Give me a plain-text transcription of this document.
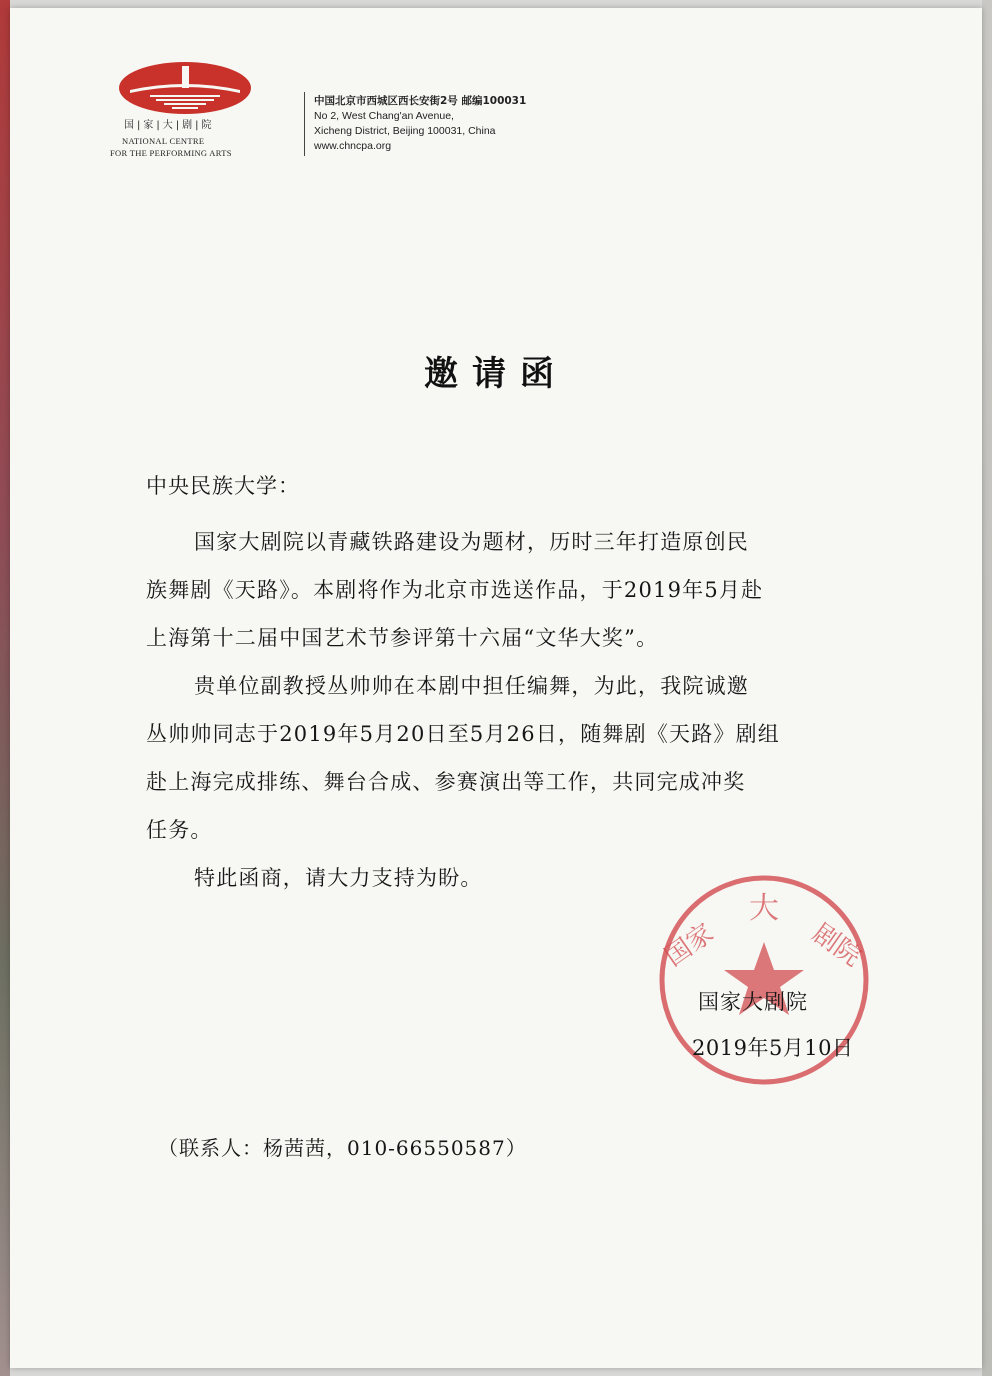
国|家|大|剧|院
NATIONAL CENTRE
FOR THE PERFORMING ARTS
中国北京市西城区西长安街2号 邮编100031
No 2, West Chang'an Avenue,
Xicheng District, Beijing 100031, China
www.chncpa.org
邀请函
中央民族大学：
国家大剧院以青藏铁路建设为题材，历时三年打造原创民
族舞剧《天路》。本剧将作为北京市选送作品，于2019年5月赴
上海第十二届中国艺术节参评第十六届“文华大奖”。
贵单位副教授丛帅帅在本剧中担任编舞，为此，我院诚邀
丛帅帅同志于2019年5月20日至5月26日，随舞剧《天路》剧组
赴上海完成排练、舞台合成、参赛演出等工作，共同完成冲奖
任务。
特此函商，请大力支持为盼。
大
国家	剧院
国家大剧院
2019年5月10日
（联系人：杨茜茜，010-66550587）
